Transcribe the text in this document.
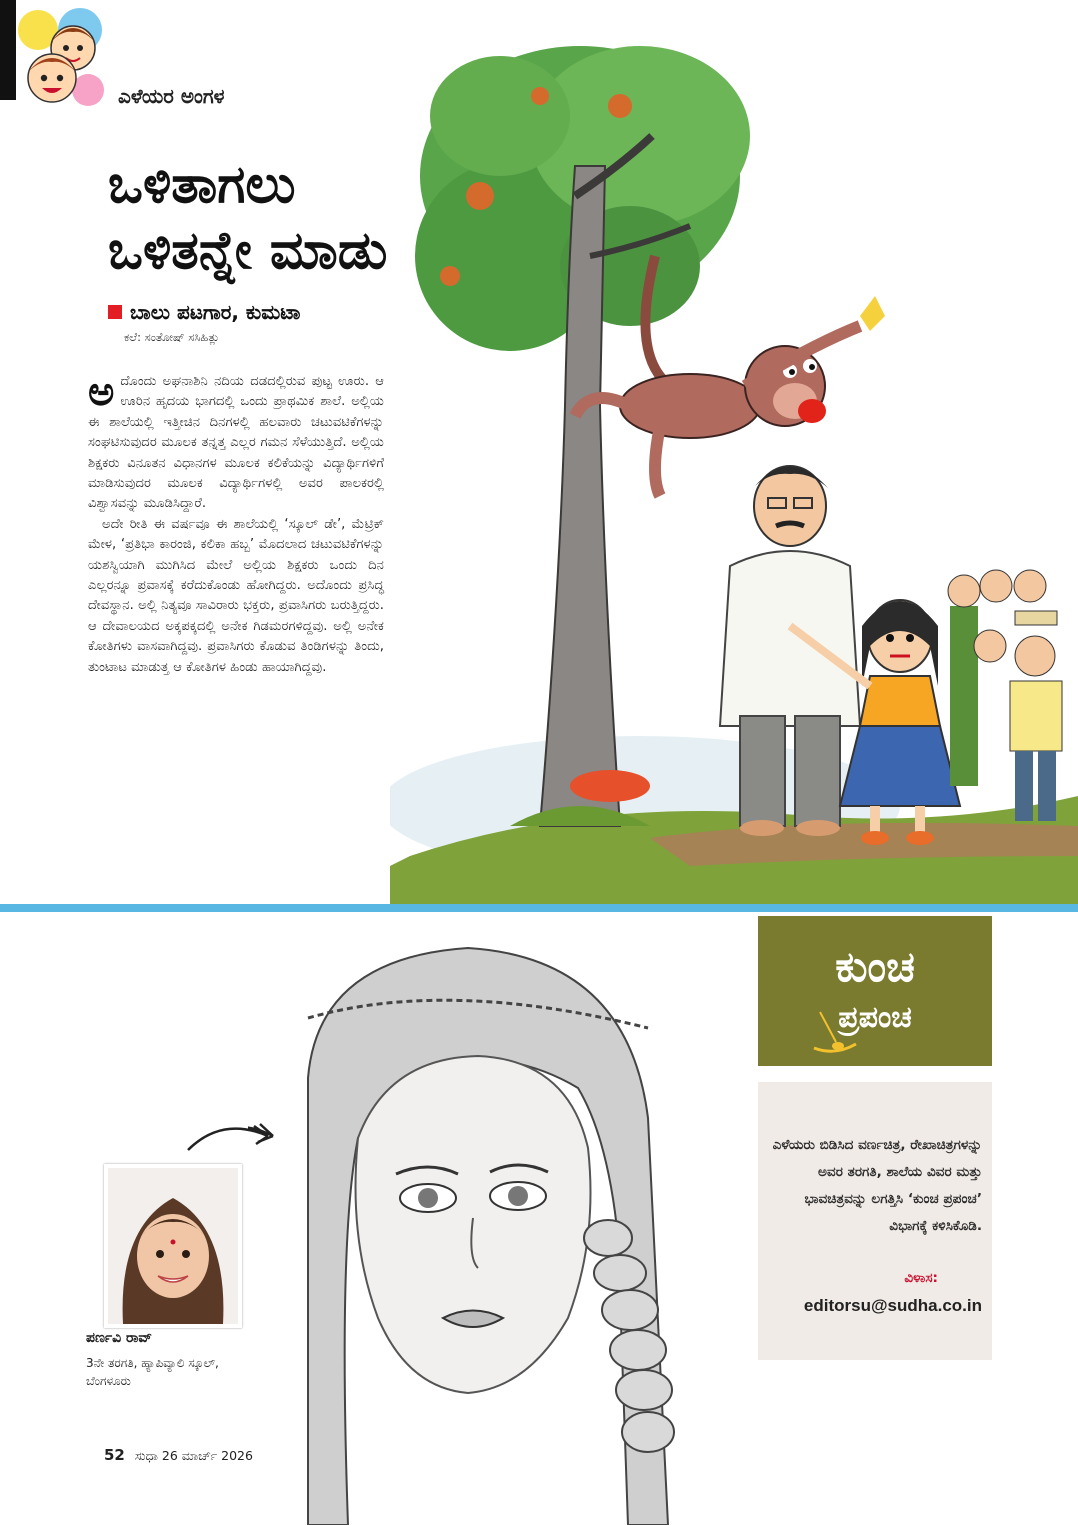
ಎಳೆಯರ ಅಂಗಳ
ಒಳಿತಾಗಲು
ಒಳಿತನ್ನೇ ಮಾಡು
ಬಾಲು ಪಟಗಾರ, ಕುಮಟಾ
ಕಲೆ: ಸಂತೋಷ್ ಸಸಿಹಿತ್ಲು

ಅದೊಂದು ಅಘನಾಶಿನಿ ನದಿಯ ದಡದಲ್ಲಿರುವ ಪುಟ್ಟ ಊರು. ಆ ಊರಿನ ಹೃದಯ ಭಾಗದಲ್ಲಿ ಒಂದು ಪ್ರಾಥಮಿಕ ಶಾಲೆ. ಅಲ್ಲಿಯ ಈ ಶಾಲೆಯಲ್ಲಿ ಇತ್ತೀಚಿನ ದಿನಗಳಲ್ಲಿ ಹಲವಾರು ಚಟುವಟಿಕೆಗಳನ್ನು ಸಂಘಟಿಸುವುದರ ಮೂಲಕ ತನ್ನತ್ತ ಎಲ್ಲರ ಗಮನ ಸೆಳೆಯುತ್ತಿದೆ. ಅಲ್ಲಿಯ ಶಿಕ್ಷಕರು ವಿನೂತನ ವಿಧಾನಗಳ ಮೂಲಕ ಕಲಿಕೆಯನ್ನು ವಿದ್ಯಾರ್ಥಿಗಳಿಗೆ ಮಾಡಿಸುವುದರ ಮೂಲಕ ವಿದ್ಯಾರ್ಥಿಗಳಲ್ಲಿ ಅವರ ಪಾಲಕರಲ್ಲಿ ವಿಶ್ವಾಸವನ್ನು ಮೂಡಿಸಿದ್ದಾರೆ.

ಅದೇ ರೀತಿ ಈ ವರ್ಷವೂ ಈ ಶಾಲೆಯಲ್ಲಿ ‘ಸ್ಕೂಲ್ ಡೇ’, ಮೆಟ್ರಿಕ್ ಮೇಳ, ‘ಪ್ರತಿಭಾ ಕಾರಂಜಿ, ಕಲಿಕಾ ಹಬ್ಬ’ ಮೊದಲಾದ ಚಟುವಟಿಕೆಗಳನ್ನು ಯಶಸ್ವಿಯಾಗಿ ಮುಗಿಸಿದ ಮೇಲೆ ಅಲ್ಲಿಯ ಶಿಕ್ಷಕರು ಒಂದು ದಿನ ಎಲ್ಲರನ್ನೂ ಪ್ರವಾಸಕ್ಕೆ ಕರೆದುಕೊಂಡು ಹೋಗಿದ್ದರು. ಅದೊಂದು ಪ್ರಸಿದ್ಧ ದೇವಸ್ಥಾನ. ಅಲ್ಲಿ ನಿತ್ಯವೂ ಸಾವಿರಾರು ಭಕ್ತರು, ಪ್ರವಾಸಿಗರು ಬರುತ್ತಿದ್ದರು. ಆ ದೇವಾಲಯದ ಅಕ್ಕಪಕ್ಕದಲ್ಲಿ ಅನೇಕ ಗಿಡಮರಗಳಿದ್ದವು. ಅಲ್ಲಿ ಅನೇಕ ಕೋತಿಗಳು ವಾಸವಾಗಿದ್ದವು. ಪ್ರವಾಸಿಗರು ಕೊಡುವ ತಿಂಡಿಗಳನ್ನು ತಿಂದು, ತುಂಟಾಟ ಮಾಡುತ್ತ ಆ ಕೋತಿಗಳ ಹಿಂಡು ಹಾಯಾಗಿದ್ದವು.

ಕುಂಚ
ಪ್ರಪಂಚ
ಎಳೆಯರು ಬಿಡಿಸಿದ ವರ್ಣಚಿತ್ರ, ರೇಖಾಚಿತ್ರಗಳನ್ನು ಅವರ ತರಗತಿ, ಶಾಲೆಯ ವಿವರ ಮತ್ತು ಭಾವಚಿತ್ರವನ್ನು ಲಗತ್ತಿಸಿ ‘ಕುಂಚ ಪ್ರಪಂಚ’ ವಿಭಾಗಕ್ಕೆ ಕಳಿಸಿಕೊಡಿ.
ವಿಳಾಸ:
editorsu@sudha.co.in
ಪರ್ಣವಿ ರಾವ್
3ನೇ ತರಗತಿ, ಹ್ಯಾಪಿವ್ಯಾಲಿ ಸ್ಕೂಲ್, ಬೆಂಗಳೂರು
52 ಸುಧಾ 26 ಮಾರ್ಚ್ 2026
